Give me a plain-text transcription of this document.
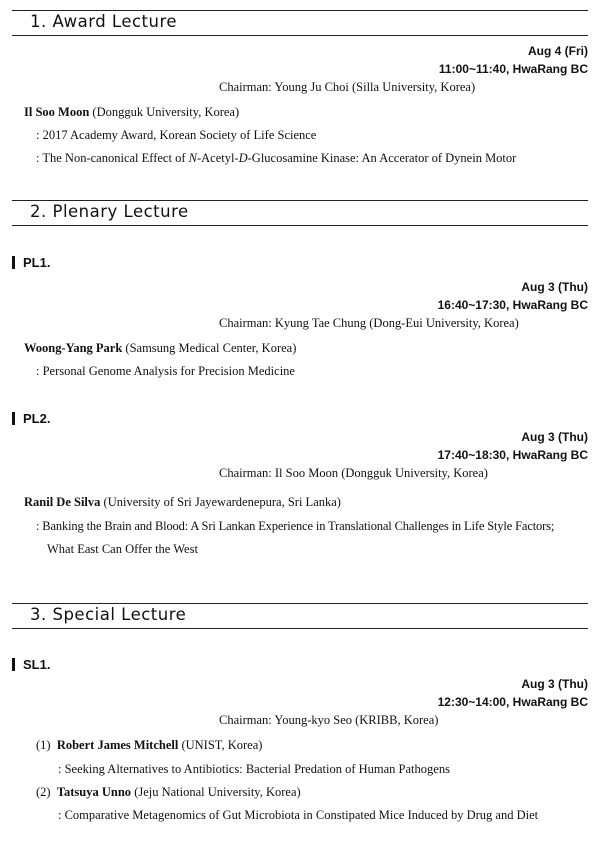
1. Award Lecture
Aug 4 (Fri)
11:00~11:40, HwaRang BC
Chairman: Young Ju Choi (Silla University, Korea)
Il Soo Moon (Dongguk University, Korea)
: 2017 Academy Award, Korean Society of Life Science
: The Non-canonical Effect of N-Acetyl-D-Glucosamine Kinase: An Accerator of Dynein Motor
2. Plenary Lecture
PL1.
Aug 3 (Thu)
16:40~17:30, HwaRang BC
Chairman: Kyung Tae Chung (Dong-Eui University, Korea)
Woong-Yang Park (Samsung Medical Center, Korea)
: Personal Genome Analysis for Precision Medicine
PL2.
Aug 3 (Thu)
17:40~18:30, HwaRang BC
Chairman: Il Soo Moon (Dongguk University, Korea)
Ranil De Silva (University of Sri Jayewardenepura, Sri Lanka)
: Banking the Brain and Blood: A Sri Lankan Experience in Translational Challenges in Life Style Factors;
What East Can Offer the West
3. Special Lecture
SL1.
Aug 3 (Thu)
12:30~14:00, HwaRang BC
Chairman: Young-kyo Seo (KRIBB, Korea)
(1) Robert James Mitchell (UNIST, Korea)
: Seeking Alternatives to Antibiotics: Bacterial Predation of Human Pathogens
(2) Tatsuya Unno (Jeju National University, Korea)
: Comparative Metagenomics of Gut Microbiota in Constipated Mice Induced by Drug and Diet
